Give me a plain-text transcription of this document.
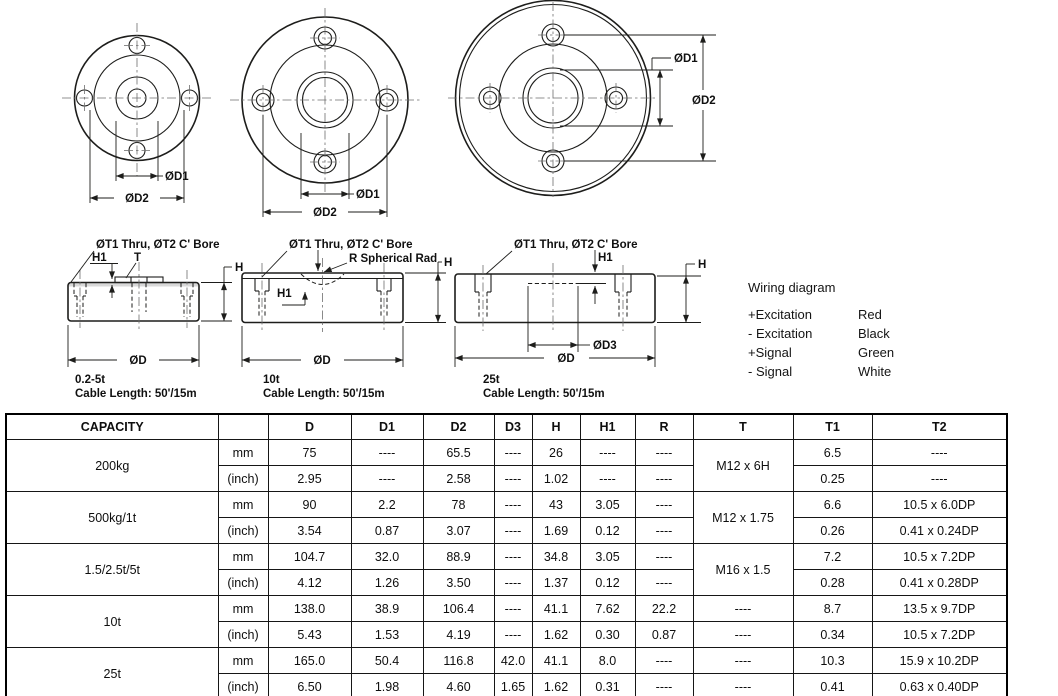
ØD1
ØD2	ØD1
ØD2
ØD2
ØD1
H1 T
ØT1 Thru, ØT2 C' Bore
H
ØD
0.2-5t
Cable Length: 50'/15m
H1
ØT1 Thru, ØT2 C' Bore
R Spherical Rad H
ØD
10t
Cable Length: 50'/15m
H1
ØT1 Thru, ØT2 C' Bore
ØD3
ØD
H
25t
Cable Length: 50'/15m
Wiring diagram
+Excitation	Red
- Excitation	Black
+Signal	Green
- Signal	White
CAPACITY		D	D1	D2	D3	H	H1	R	T	T1	T2
200kg	mm	75	----	65.5	----	26	----	----	M12 x 6H	6.5	----
	(inch)	2.95	----	2.58	----	1.02	----	----		0.25	----
500kg/1t	mm	90	2.2	78	----	43	3.05	----	M12 x 1.75	6.6	10.5 x 6.0DP
	(inch)	3.54	0.87	3.07	----	1.69	0.12	----		0.26	0.41 x 0.24DP
1.5/2.5t/5t	mm	104.7	32.0	88.9	----	34.8	3.05	----	M16 x 1.5	7.2	10.5 x 7.2DP
	(inch)	4.12	1.26	3.50	----	1.37	0.12	----		0.28	0.41 x 0.28DP
10t	mm	138.0	38.9	106.4	----	41.1	7.62	22.2	----	8.7	13.5 x 9.7DP
	(inch)	5.43	1.53	4.19	----	1.62	0.30	0.87	----	0.34	10.5 x 7.2DP
25t	mm	165.0	50.4	116.8	42.0	41.1	8.0	----	----	10.3	15.9 x 10.2DP
	(inch)	6.50	1.98	4.60	1.65	1.62	0.31	----	----	0.41	0.63 x 0.40DP
